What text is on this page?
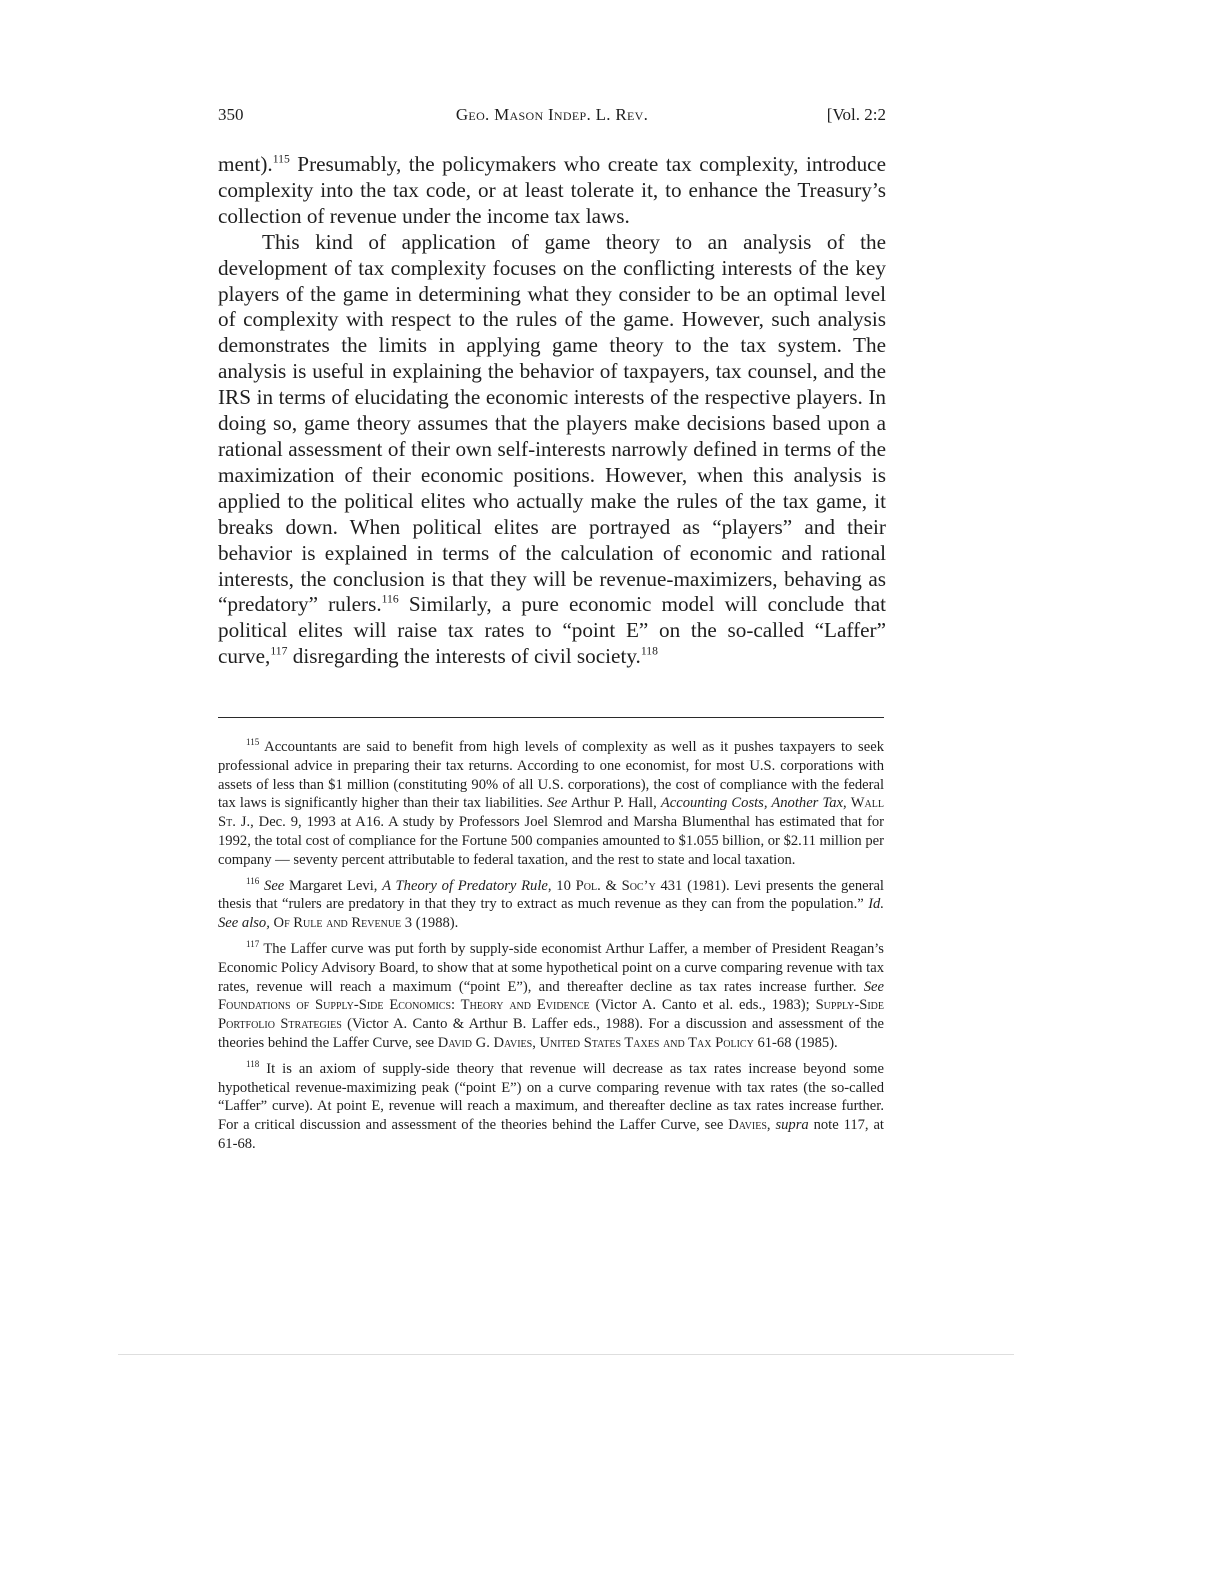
350	Geo. Mason Indep. L. Rev.	[Vol. 2:2

ment).$^{115}$ Presumably, the policymakers who create tax complexity, introduce complexity into the tax code, or at least tolerate it, to enhance the Treasury’s collection of revenue under the income tax laws.

This kind of application of game theory to an analysis of the development of tax complexity focuses on the conflicting interests of the key players of the game in determining what they consider to be an optimal level of complexity with respect to the rules of the game. However, such analysis demonstrates the limits in applying game theory to the tax system. The analysis is useful in explaining the behavior of taxpayers, tax counsel, and the IRS in terms of elucidating the economic interests of the respective players. In doing so, game theory assumes that the players make decisions based upon a rational assessment of their own self-interests narrowly defined in terms of the maximization of their economic positions. However, when this analysis is applied to the political elites who actually make the rules of the tax game, it breaks down. When political elites are portrayed as “players” and their behavior is explained in terms of the calculation of economic and rational interests, the conclusion is that they will be revenue-maximizers, behaving as “predatory” rulers.$^{116}$ Similarly, a pure economic model will conclude that political elites will raise tax rates to “point E” on the so-called “Laffer” curve,$^{117}$ disregarding the interests of civil society.$^{118}$

$^{115}$ Accountants are said to benefit from high levels of complexity as well as it pushes taxpayers to seek professional advice in preparing their tax returns. According to one economist, for most U.S. corporations with assets of less than $1 million (constituting 90% of all U.S. corporations), the cost of compliance with the federal tax laws is significantly higher than their tax liabilities. See Arthur P. Hall, Accounting Costs, Another Tax, Wall St. J., Dec. 9, 1993 at A16. A study by Professors Joel Slemrod and Marsha Blumenthal has estimated that for 1992, the total cost of compliance for the Fortune 500 companies amounted to $1.055 billion, or $2.11 million per company — seventy percent attributable to federal taxation, and the rest to state and local taxation.

$^{116}$ See Margaret Levi, A Theory of Predatory Rule, 10 Pol. & Soc’y 431 (1981). Levi presents the general thesis that “rulers are predatory in that they try to extract as much revenue as they can from the population.” Id. See also, Of Rule and Revenue 3 (1988).

$^{117}$ The Laffer curve was put forth by supply-side economist Arthur Laffer, a member of President Reagan’s Economic Policy Advisory Board, to show that at some hypothetical point on a curve comparing revenue with tax rates, revenue will reach a maximum (“point E”), and thereafter decline as tax rates increase further. See Foundations of Supply-Side Economics: Theory and Evidence (Victor A. Canto et al. eds., 1983); Supply-Side Portfolio Strategies (Victor A. Canto & Arthur B. Laffer eds., 1988). For a discussion and assessment of the theories behind the Laffer Curve, see David G. Davies, United States Taxes and Tax Policy 61-68 (1985).

$^{118}$ It is an axiom of supply-side theory that revenue will decrease as tax rates increase beyond some hypothetical revenue-maximizing peak (“point E”) on a curve comparing revenue with tax rates (the so-called “Laffer” curve). At point E, revenue will reach a maximum, and thereafter decline as tax rates increase further. For a critical discussion and assessment of the theories behind the Laffer Curve, see Davies, supra note 117, at 61-68.
